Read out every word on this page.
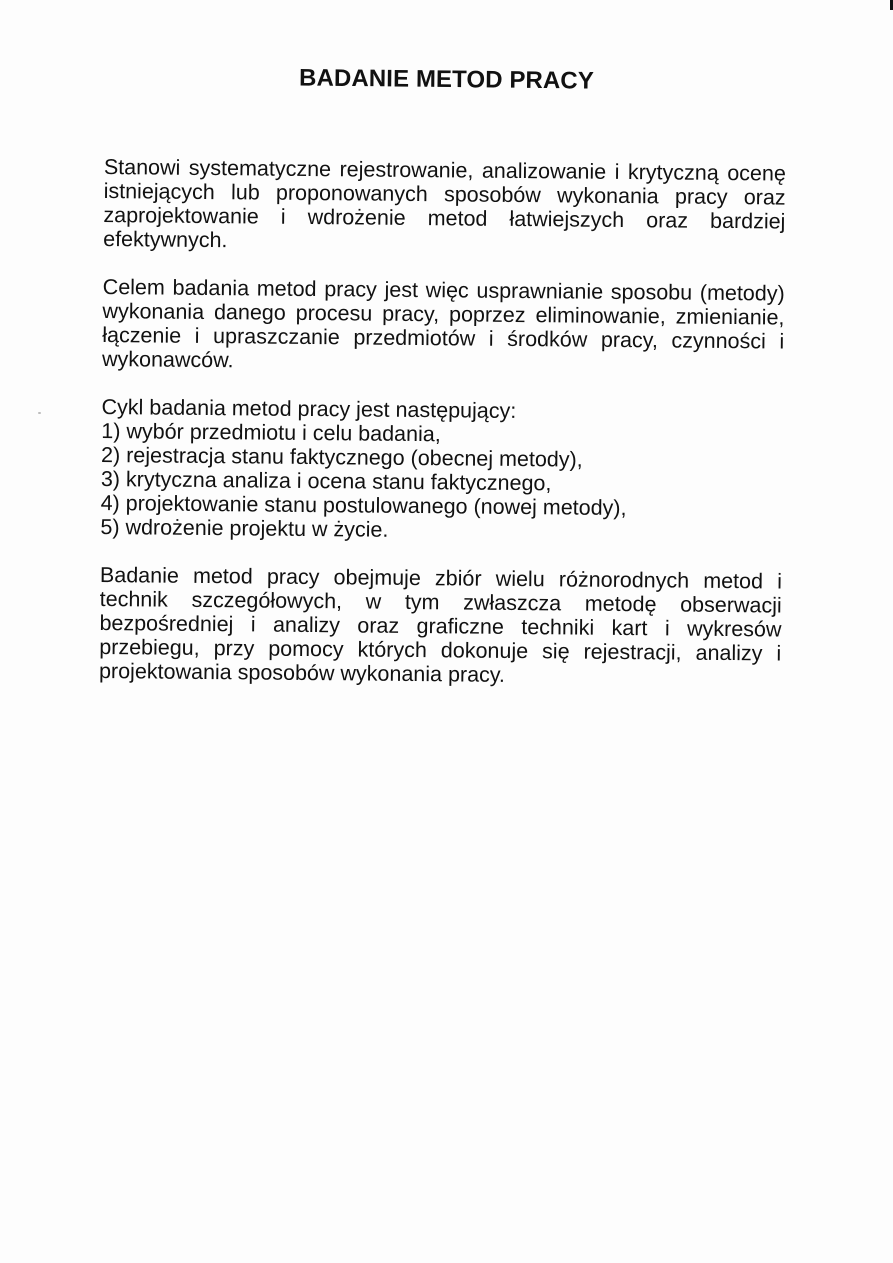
BADANIE METOD PRACY

Stanowi systematyczne rejestrowanie, analizowanie i krytyczną ocenę istniejących lub proponowanych sposobów wykonania pracy oraz zaprojektowanie i wdrożenie metod łatwiejszych oraz bardziej efektywnych.

Celem badania metod pracy jest więc usprawnianie sposobu (metody) wykonania danego procesu pracy, poprzez eliminowanie, zmienianie, łączenie i upraszczanie przedmiotów i środków pracy, czynności i wykonawców.

Cykl badania metod pracy jest następujący:

1) wybór przedmiotu i celu badania,
2) rejestracja stanu faktycznego (obecnej metody),
3) krytyczna analiza i ocena stanu faktycznego,
4) projektowanie stanu postulowanego (nowej metody),
5) wdrożenie projektu w życie.

Badanie metod pracy obejmuje zbiór wielu różnorodnych metod i technik szczegółowych, w tym zwłaszcza metodę obserwacji bezpośredniej i analizy oraz graficzne techniki kart i wykresów przebiegu, przy pomocy których dokonuje się rejestracji, analizy i projektowania sposobów wykonania pracy.
